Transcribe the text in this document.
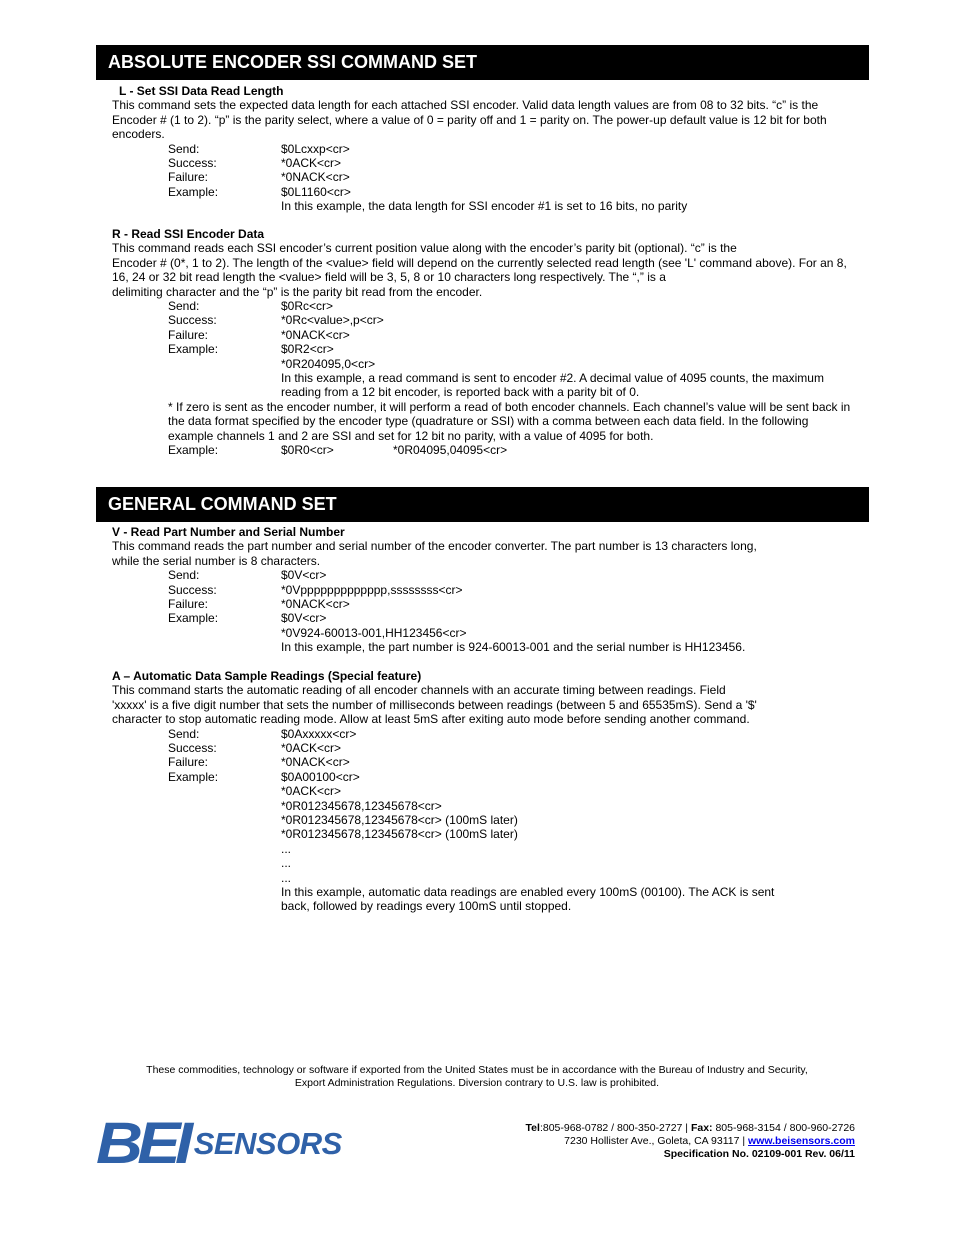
ABSOLUTE ENCODER SSI COMMAND SET
L - Set SSI Data Read Length

This command sets the expected data length for each attached SSI encoder. Valid data length values are from 08 to 32 bits. “c” is the Encoder # (1 to 2). “p” is the parity select, where a value of 0 = parity off and 1 = parity on. The power-up default value is 12 bit for both encoders.

Send:	$0Lcxxp<cr>
Success:	*0ACK<cr>
Failure:	*0NACK<cr>
Example:	$0L1160<cr>
In this example, the data length for SSI encoder #1 is set to 16 bits, no parity
R - Read SSI Encoder Data
This command reads each SSI encoder’s current position value along with the encoder’s parity bit (optional). “c” is the
Encoder # (0*, 1 to 2). The length of the <value> field will depend on the currently selected read length (see 'L' command above). For an 8, 16, 24 or 32 bit read length the <value> field will be 3, 5, 8 or 10 characters long respectively. The “,” is a
delimiting character and the “p” is the parity bit read from the encoder.
Send:	$0Rc<cr>
Success:	*0Rc<value>,p<cr>
Failure:	*0NACK<cr>
Example:	$0R2<cr>
*0R204095,0<cr>
In this example, a read command is sent to encoder #2. A decimal value of 4095 counts, the maximum reading from a 12 bit encoder, is reported back with a parity bit of 0.
* If zero is sent as the encoder number, it will perform a read of both encoder channels. Each channel’s value will be sent back in the data format specified by the encoder type (quadrature or SSI) with a comma between each data field. In the following example channels 1 and 2 are SSI and set for 12 bit no parity, with a value of 4095 for both.
Example:	$0R0<cr>	*0R04095,04095<cr>
GENERAL COMMAND SET
V - Read Part Number and Serial Number

This command reads the part number and serial number of the encoder converter. The part number is 13 characters long, while the serial number is 8 characters.

Send:	$0V<cr>
Success:	*0Vppppppppppppp,ssssssss<cr>
Failure:	*0NACK<cr>
Example:	$0V<cr>
*0V924-60013-001,HH123456<cr>
In this example, the part number is 924-60013-001 and the serial number is HH123456.
A – Automatic Data Sample Readings (Special feature)

This command starts the automatic reading of all encoder channels with an accurate timing between readings. Field 'xxxxx' is a five digit number that sets the number of milliseconds between readings (between 5 and 65535mS). Send a '$' character to stop automatic reading mode. Allow at least 5mS after exiting auto mode before sending another command.

Send:	$0Axxxxx<cr>
Success:	*0ACK<cr>
Failure:	*0NACK<cr>
Example:	$0A00100<cr>
*0ACK<cr>
*0R012345678,12345678<cr>
*0R012345678,12345678<cr> (100mS later)
*0R012345678,12345678<cr> (100mS later)
...
...
...
In this example, automatic data readings are enabled every 100mS (00100). The ACK is sent back, followed by readings every 100mS until stopped.
These commodities, technology or software if exported from the United States must be in accordance with the Bureau of Industry and Security,
Export Administration Regulations. Diversion contrary to U.S. law is prohibited.
BEI SENSORS	Tel:805-968-0782 / 800-350-2727 | Fax: 805-968-3154 / 800-960-2726
7230 Hollister Ave., Goleta, CA 93117 | www.beisensors.com
Specification No. 02109-001 Rev. 06/11
